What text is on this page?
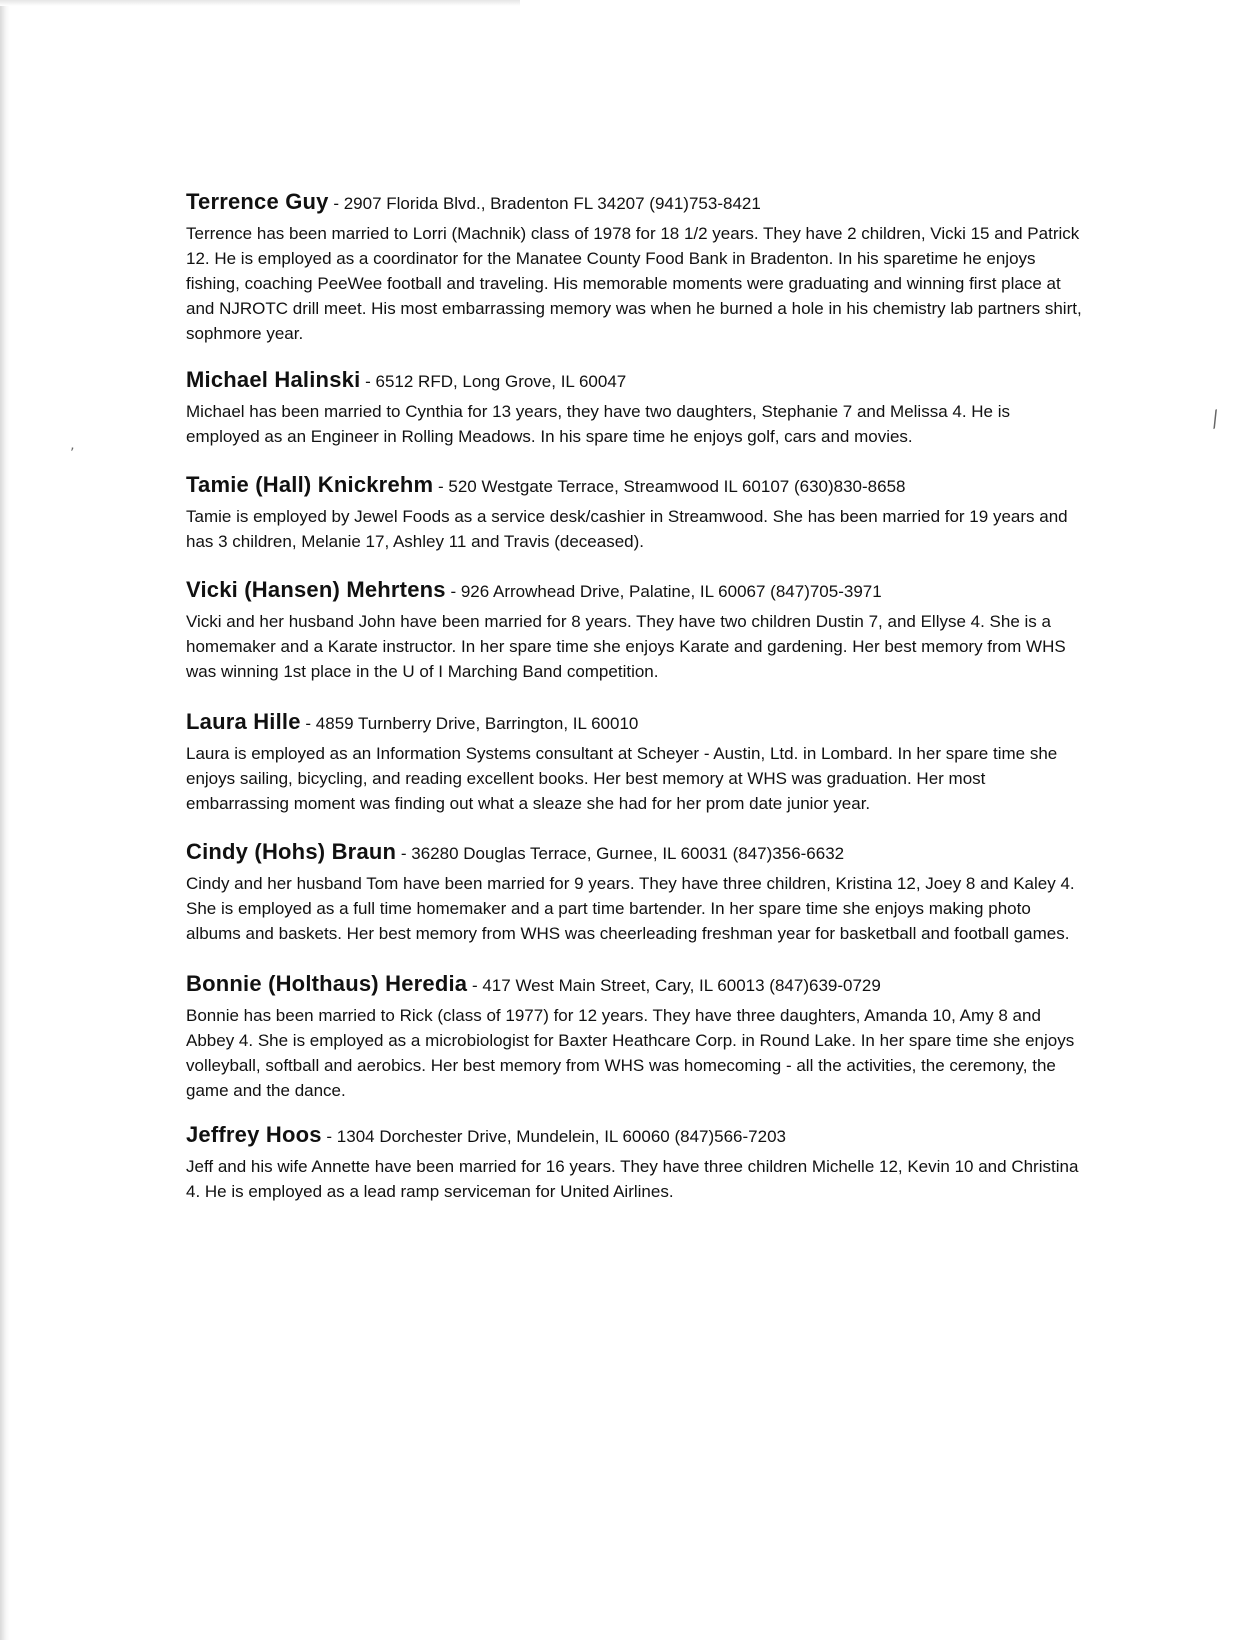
’
⁄

Terrence Guy - 2907 Florida Blvd., Bradenton FL 34207 (941)753-8421

Terrence has been married to Lorri (Machnik) class of 1978 for 18 1/2 years. They have 2 children, Vicki 15 and Patrick 12. He is employed as a coordinator for the Manatee County Food Bank in Bradenton. In his sparetime he enjoys fishing, coaching PeeWee football and traveling. His memorable moments were graduating and winning first place at and NJROTC drill meet. His most embarrassing memory was when he burned a hole in his chemistry lab partners shirt, sophmore year.

Michael Halinski - 6512 RFD, Long Grove, IL 60047

Michael has been married to Cynthia for 13 years, they have two daughters, Stephanie 7 and Melissa 4. He is employed as an Engineer in Rolling Meadows. In his spare time he enjoys golf, cars and movies.

Tamie (Hall) Knickrehm - 520 Westgate Terrace, Streamwood IL 60107 (630)830-8658

Tamie is employed by Jewel Foods as a service desk/cashier in Streamwood. She has been married for 19 years and has 3 children, Melanie 17, Ashley 11 and Travis (deceased).

Vicki (Hansen) Mehrtens - 926 Arrowhead Drive, Palatine, IL 60067 (847)705-3971

Vicki and her husband John have been married for 8 years. They have two children Dustin 7, and Ellyse 4. She is a homemaker and a Karate instructor. In her spare time she enjoys Karate and gardening. Her best memory from WHS was winning 1st place in the U of I Marching Band competition.

Laura Hille - 4859 Turnberry Drive, Barrington, IL 60010

Laura is employed as an Information Systems consultant at Scheyer - Austin, Ltd. in Lombard. In her spare time she enjoys sailing, bicycling, and reading excellent books. Her best memory at WHS was graduation. Her most embarrassing moment was finding out what a sleaze she had for her prom date junior year.

Cindy (Hohs) Braun - 36280 Douglas Terrace, Gurnee, IL 60031 (847)356-6632

Cindy and her husband Tom have been married for 9 years. They have three children, Kristina 12, Joey 8 and Kaley 4. She is employed as a full time homemaker and a part time bartender. In her spare time she enjoys making photo albums and baskets. Her best memory from WHS was cheerleading freshman year for basketball and football games.

Bonnie (Holthaus) Heredia - 417 West Main Street, Cary, IL 60013 (847)639-0729

Bonnie has been married to Rick (class of 1977) for 12 years. They have three daughters, Amanda 10, Amy 8 and Abbey 4. She is employed as a microbiologist for Baxter Heathcare Corp. in Round Lake. In her spare time she enjoys volleyball, softball and aerobics. Her best memory from WHS was homecoming - all the activities, the ceremony, the game and the dance.

Jeffrey Hoos - 1304 Dorchester Drive, Mundelein, IL 60060 (847)566-7203

Jeff and his wife Annette have been married for 16 years. They have three children Michelle 12, Kevin 10 and Christina 4. He is employed as a lead ramp serviceman for United Airlines.
